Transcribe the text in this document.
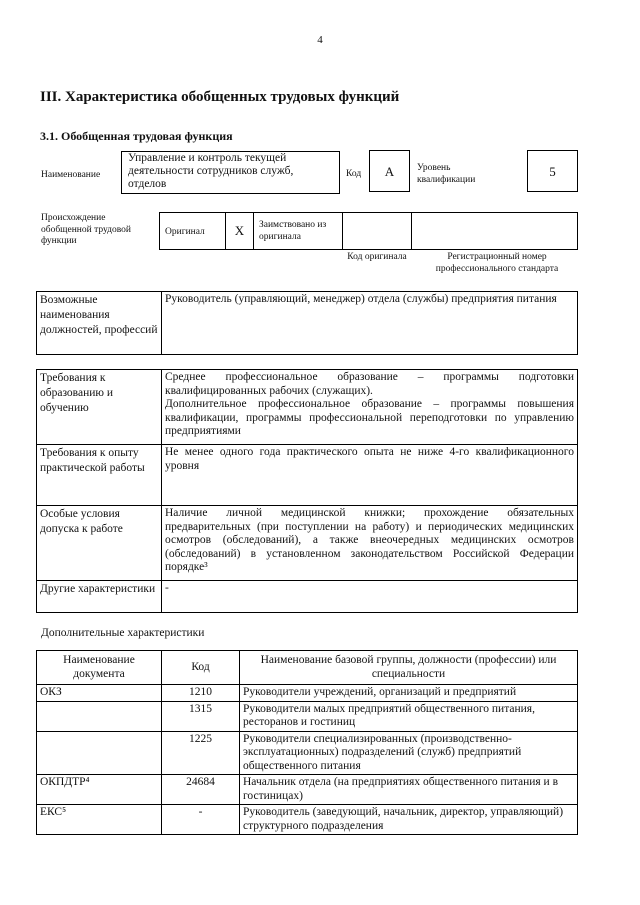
4
III. Характеристика обобщенных трудовых функций
3.1. Обобщенная трудовая функция
Наименование
Управление и контроль текущей
деятельности сотрудников служб,
отделов
Код	А	Уровень квалификации
5
Происхождение обобщенной трудовой функции
Оригинал	X	Заимствовано из оригинала
Код оригинала	Регистрационный номер профессионального стандарта
Возможные наименования должностей, профессий	Руководитель (управляющий, менеджер) отдела (службы) предприятия питания
Требования к образованию и обучению	Среднее профессиональное образование – программы подготовки квалифицированных рабочих (служащих).
Дополнительное профессиональное образование – программы повышения квалификации, программы профессиональной переподготовки по управлению предприятиями

Требования к опыту практической работы	Не менее одного года практического опыта не ниже 4-го квалификационного уровня

Особые условия допуска к работе	Наличие личной медицинской книжки; прохождение обязательных предварительных (при поступлении на работу) и периодических медицинских осмотров (обследований), а также внеочередных медицинских осмотров (обследований) в установленном законодательством Российской Федерации порядке³

Другие характеристики	-
Дополнительные характеристики
Наименование документа	Код	Наименование базовой группы, должности (профессии) или специальности
ОКЗ	1210	Руководители учреждений, организаций и предприятий
	1315	Руководители малых предприятий общественного питания, ресторанов и гостиниц
	1225	Руководители специализированных (производственно-эксплуатационных) подразделений (служб) предприятий общественного питания
ОКПДТР⁴	24684	Начальник отдела (на предприятиях общественного питания и в гостиницах)
ЕКС⁵	-	Руководитель (заведующий, начальник, директор, управляющий) структурного подразделения
